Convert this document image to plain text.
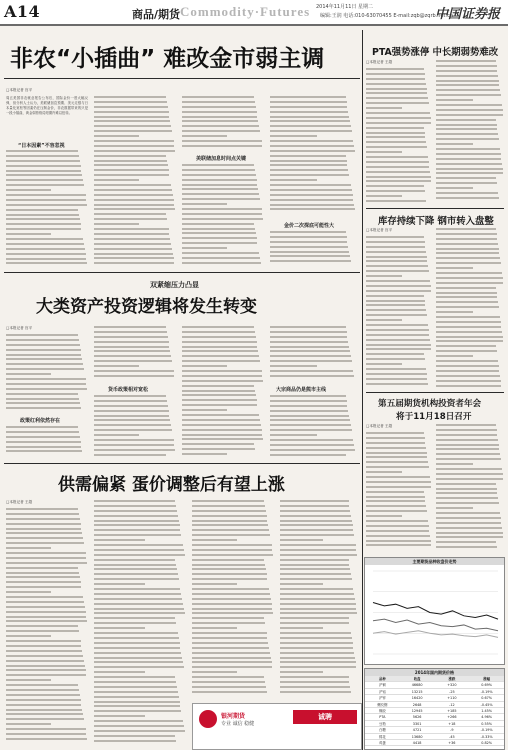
A14	商品/期货 Commodity·Futures 2014年11月11日 星期二
编辑:王润 电话:010-63070455 E-mail:zqb@zqrb.net.cn
中国证券报
非农“小插曲” 难改金市弱主调
□本报记者 官平
周五美国非农就业报告公布后，国际金价一度大幅反弹，但分析人士认为，美联储加息预期、美元走强与日本量化宽松等因素仍在压制金价，非农数据带来的只是一段小插曲，黄金弱势格局短期内难以扭转。
“日本因素”不容忽视
美联储加息时间点关键
金价二次探底可能性大
双紧缩压力凸显
大类资产投资逻辑将发生转变
□本报记者 官平
政策红利依然存在
货币政策相对宽松	大宗商品仍是熊市主线
供需偏紧 蛋价调整后有望上涨
□本报记者 王超
银河期货
专业 诚信 稳健
诚聘
PTA强势涨停 中长期弱势难改
□本报记者 王超
库存持续下降 钢市转入盘整
□本报记者 官平
第五届期货机构投资者年会
将于11月18日召开
□本报记者 王超
主要期货品种收盘价走势
2014年国内期货价格
品种	收盘	涨跌	涨幅
沪铜	46680	+320	0.69%
沪铝	13215	-25	-0.19%
沪锌	16420	+110	0.67%
螺纹钢	2648	-12	-0.45%
橡胶	12945	+185	1.45%
PTA	5626	+266	4.96%
豆粕	3301	+18	0.55%
白糖	4721	-9	-0.19%
棉花	13680	-45	-0.33%
鸡蛋	4418	+36	0.82%
